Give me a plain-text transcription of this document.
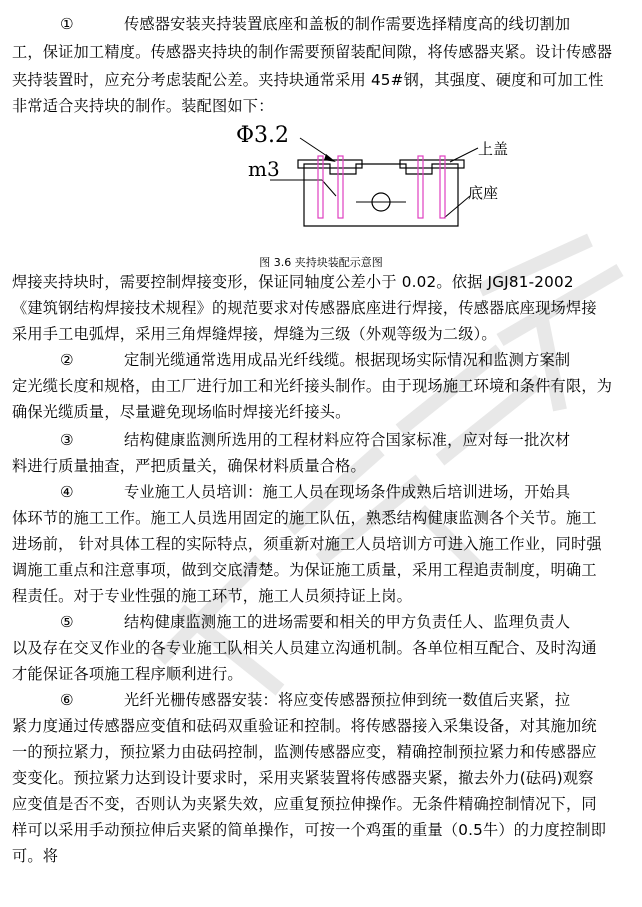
①	传感器安装夹持装置底座和盖板的制作需要选择精度高的线切割加
工，保证加工精度。传感器夹持块的制作需要预留装配间隙，将传感器夹紧。设计传感器
夹持装置时，应充分考虑装配公差。夹持块通常采用 45#钢，其强度、硬度和可加工性
非常适合夹持块的制作。装配图如下：
Φ3.2
m3
上盖
底座
图 3.6 夹持块装配示意图
焊接夹持块时，需要控制焊接变形，保证同轴度公差小于 0.02。依据 JGJ81-2002
《建筑钢结构焊接技术规程》的规范要求对传感器底座进行焊接，传感器底座现场焊接
采用手工电弧焊，采用三角焊缝焊接，焊缝为三级（外观等级为二级）。
②	定制光缆通常选用成品光纤线缆。根据现场实际情况和监测方案制
定光缆长度和规格，由工厂进行加工和光纤接头制作。由于现场施工环境和条件有限，为
确保光缆质量，尽量避免现场临时焊接光纤接头。
③	结构健康监测所选用的工程材料应符合国家标准，应对每一批次材
料进行质量抽查，严把质量关，确保材料质量合格。
④	专业施工人员培训：施工人员在现场条件成熟后培训进场，开始具
体环节的施工工作。施工人员选用固定的施工队伍，熟悉结构健康监测各个关节。施工
进场前， 针对具体工程的实际特点，须重新对施工人员培训方可进入施工作业，同时强
调施工重点和注意事项，做到交底清楚。为保证施工质量，采用工程追责制度，明确工
程责任。对于专业性强的施工环节，施工人员须持证上岗。
⑤	结构健康监测施工的进场需要和相关的甲方负责任人、监理负责人
以及存在交叉作业的各专业施工队相关人员建立沟通机制。各单位相互配合、及时沟通
才能保证各项施工程序顺利进行。
⑥	光纤光栅传感器安装：将应变传感器预拉伸到统一数值后夹紧，拉
紧力度通过传感器应变值和砝码双重验证和控制。将传感器接入采集设备，对其施加统
一的预拉紧力，预拉紧力由砝码控制，监测传感器应变，精确控制预拉紧力和传感器应
变变化。预拉紧力达到设计要求时，采用夹紧装置将传感器夹紧，撤去外力(砝码)观察
应变值是否不变，否则认为夹紧失效，应重复预拉伸操作。无条件精确控制情况下，同
样可以采用手动预拉伸后夹紧的简单操作，可按一个鸡蛋的重量（0.5牛）的力度控制即
可。将
